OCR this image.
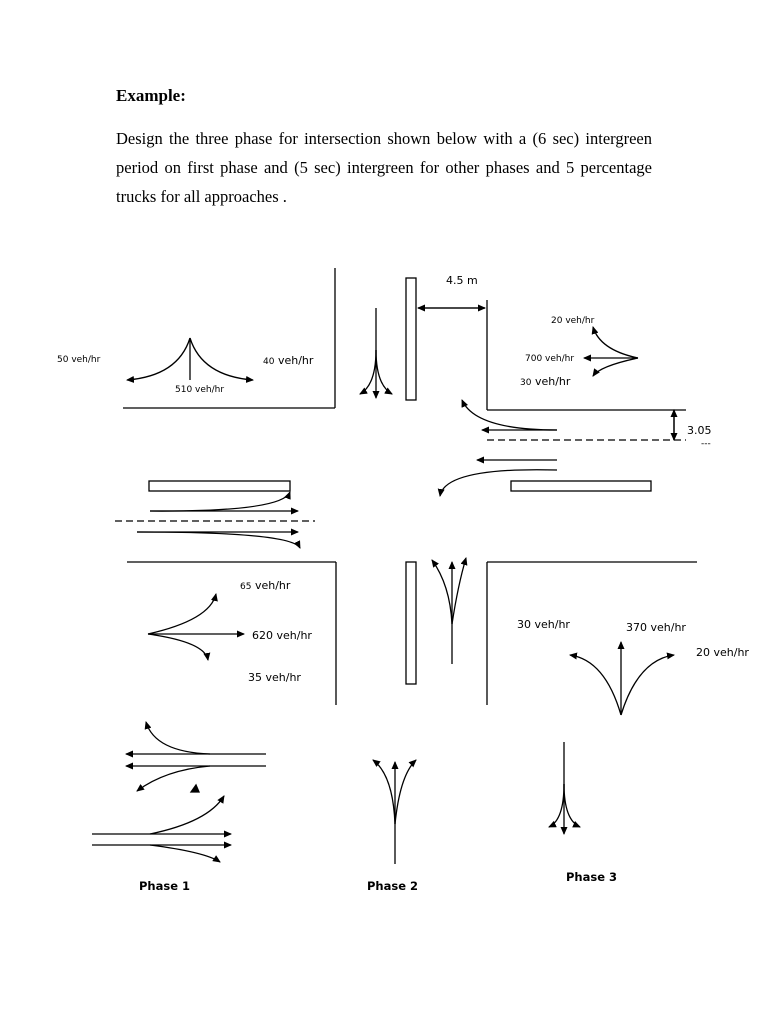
Example:
Design the three phase for intersection shown below with a (6 sec) intergreen period on first phase and (5 sec) intergreen for other phases and 5 percentage trucks for all approaches .
4.5 m
3.05
---
50 veh/hr
510 veh/hr
40 veh/hr
20 veh/hr
700 veh/hr
30 veh/hr
65 veh/hr
620 veh/hr
35 veh/hr
30 veh/hr	370 veh/hr
20 veh/hr
Phase 1	Phase 2
Phase 3
